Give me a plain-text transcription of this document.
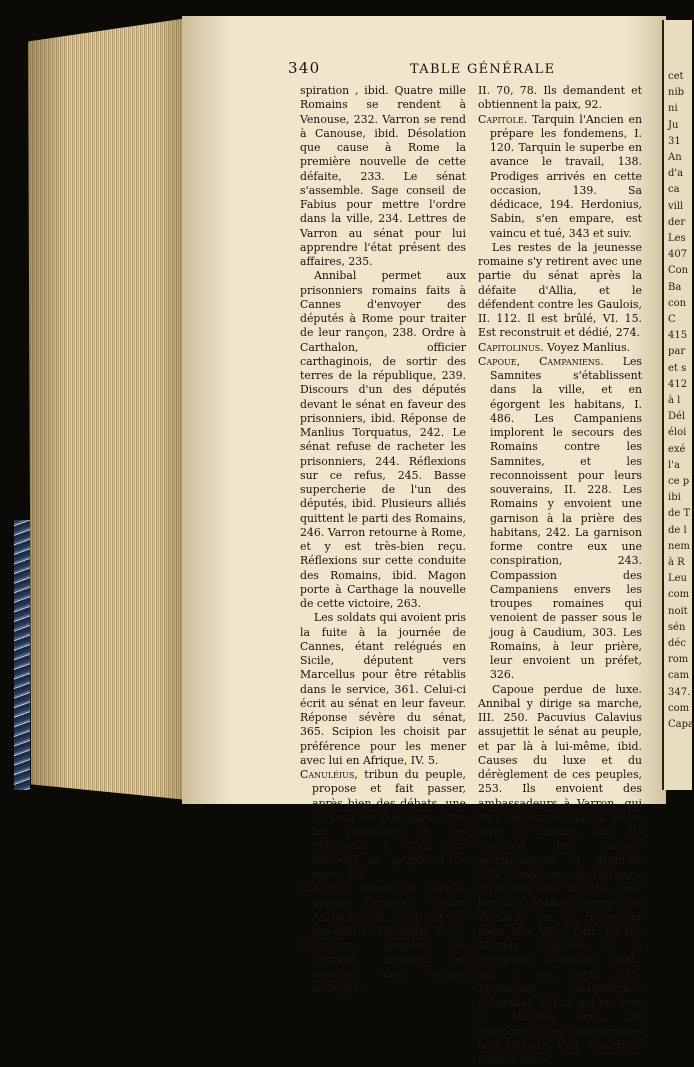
cet
nib
ni
Ju
31
An
d'a
ca
vill
der
Les
407
Con
Ba
con
C
415
par
et s
412
à l
Dél
éloi
exé
l'a
ce p
ibi
de T
de l
nem
à R
Leu
com
noit
sén
déc
rom
cam
347.
com
Capa
340	TABLE GÉNÉRALE

spiration , ibid. Quatre mille Romains se rendent à Venouse, 232. Varron se rend à Canouse, ibid. Désolation que cause à Rome la première nouvelle de cette défaite, 233. Le sénat s'assemble. Sage conseil de Fabius pour mettre l'ordre dans la ville, 234. Lettres de Varron au sénat pour lui apprendre l'état présent des affaires, 235.

Annibal permet aux prisonniers romains faits à Cannes d'envoyer des députés à Rome pour traiter de leur rançon, 238. Ordre à Carthalon, officier carthaginois, de sortir des terres de la république, 239. Discours d'un des députés devant le sénat en faveur des prisonniers, ibid. Réponse de Manlius Torquatus, 242. Le sénat refuse de racheter les prisonniers, 244. Réflexions sur ce refus, 245. Basse supercherie de l'un des députés, ibid. Plusieurs alliés quittent le parti des Romains, 246. Varron retourne à Rome, et y est très-bien reçu. Réflexions sur cette conduite des Romains, ibid. Magon porte à Carthage la nouvelle de cette victoire, 263.

Les soldats qui avoient pris la fuite à la journée de Cannes, étant relégués en Sicile, députent vers Marcellus pour être rétablis dans le service, 361. Celui-ci écrit au sénat en leur faveur. Réponse sévère du sénat, 365. Scipion les choisit par préférence pour les mener avec lui en Afrique, IV. 5.

Canuléius, tribun du peuple, propose et fait passer, après bien des débats, une loi pour les mariages entre les patriciens et les plébéiens, I. 435. Son discours au peuple à ce sujet, 438.

Canutius, tribun du peuple, appuie Octavien contre Antoine, VIII. 89. Il est tué par ordre d'Octavien, 280.

Capénates, peuples de Toscane, viennent au secours des Veïens assiégés,

II. 70, 78. Ils demandent et obtiennent la paix, 92.

Capitole. Tarquin l'Ancien en prépare les fondemens, I. 120. Tarquin le superbe en avance le travail, 138. Prodiges arrivés en cette occasion, 139. Sa dédicace, 194. Herdonius, Sabin, s'en empare, est vaincu et tué, 343 et suiv.

Les restes de la jeunesse romaine s'y retirent avec une partie du sénat après la défaite d'Allia, et le défendent contre les Gaulois, II. 112. Il est brûlé, VI. 15. Est reconstruit et dédié, 274.

Capitolinus. Voyez Manlius.

Capoue, Campaniens. Les Samnites s'établissent dans la ville, et en égorgent les habitans, I. 486. Les Campaniens implorent le secours des Romains contre les Samnites, et les reconnoissent pour leurs souverains, II. 228. Les Romains y envoient une garnison à la prière des habitans, 242. La garnison forme contre eux une conspiration, 243. Compassion des Campaniens envers les troupes romaines qui venoient de passer sous le joug à Caudium, 303. Les Romains, à leur prière, leur envoient un préfet, 326.

Capoue perdue de luxe. Annibal y dirige sa marche, III. 250. Pacuvius Calavius assujettit le sénat au peuple, et par là à lui-même, ibid. Causes du luxe et du dérèglement de ces peuples, 253. Ils envoient des ambassadeurs à Varron, qui leur découvre trop la perte faite à Cannes, ibid. Ils envoient les mêmes ambassadeurs à Annibal, 254. Conditions de l'alliance qu'ils font avec lui, 255. Leur horrible cruauté envers les Romains qui se trouvoient dans leur ville, ibid. Décius Magius s'oppose à la réception d'Annibal, ibid.; qui y est reçu, 256. Promesses magnifiques d'Annibal, 261, à qui on livre D. Magius, ibid., qui reproche à ses compatriotes leur lâcheté, ibid. Quartiers d'hiver dans
